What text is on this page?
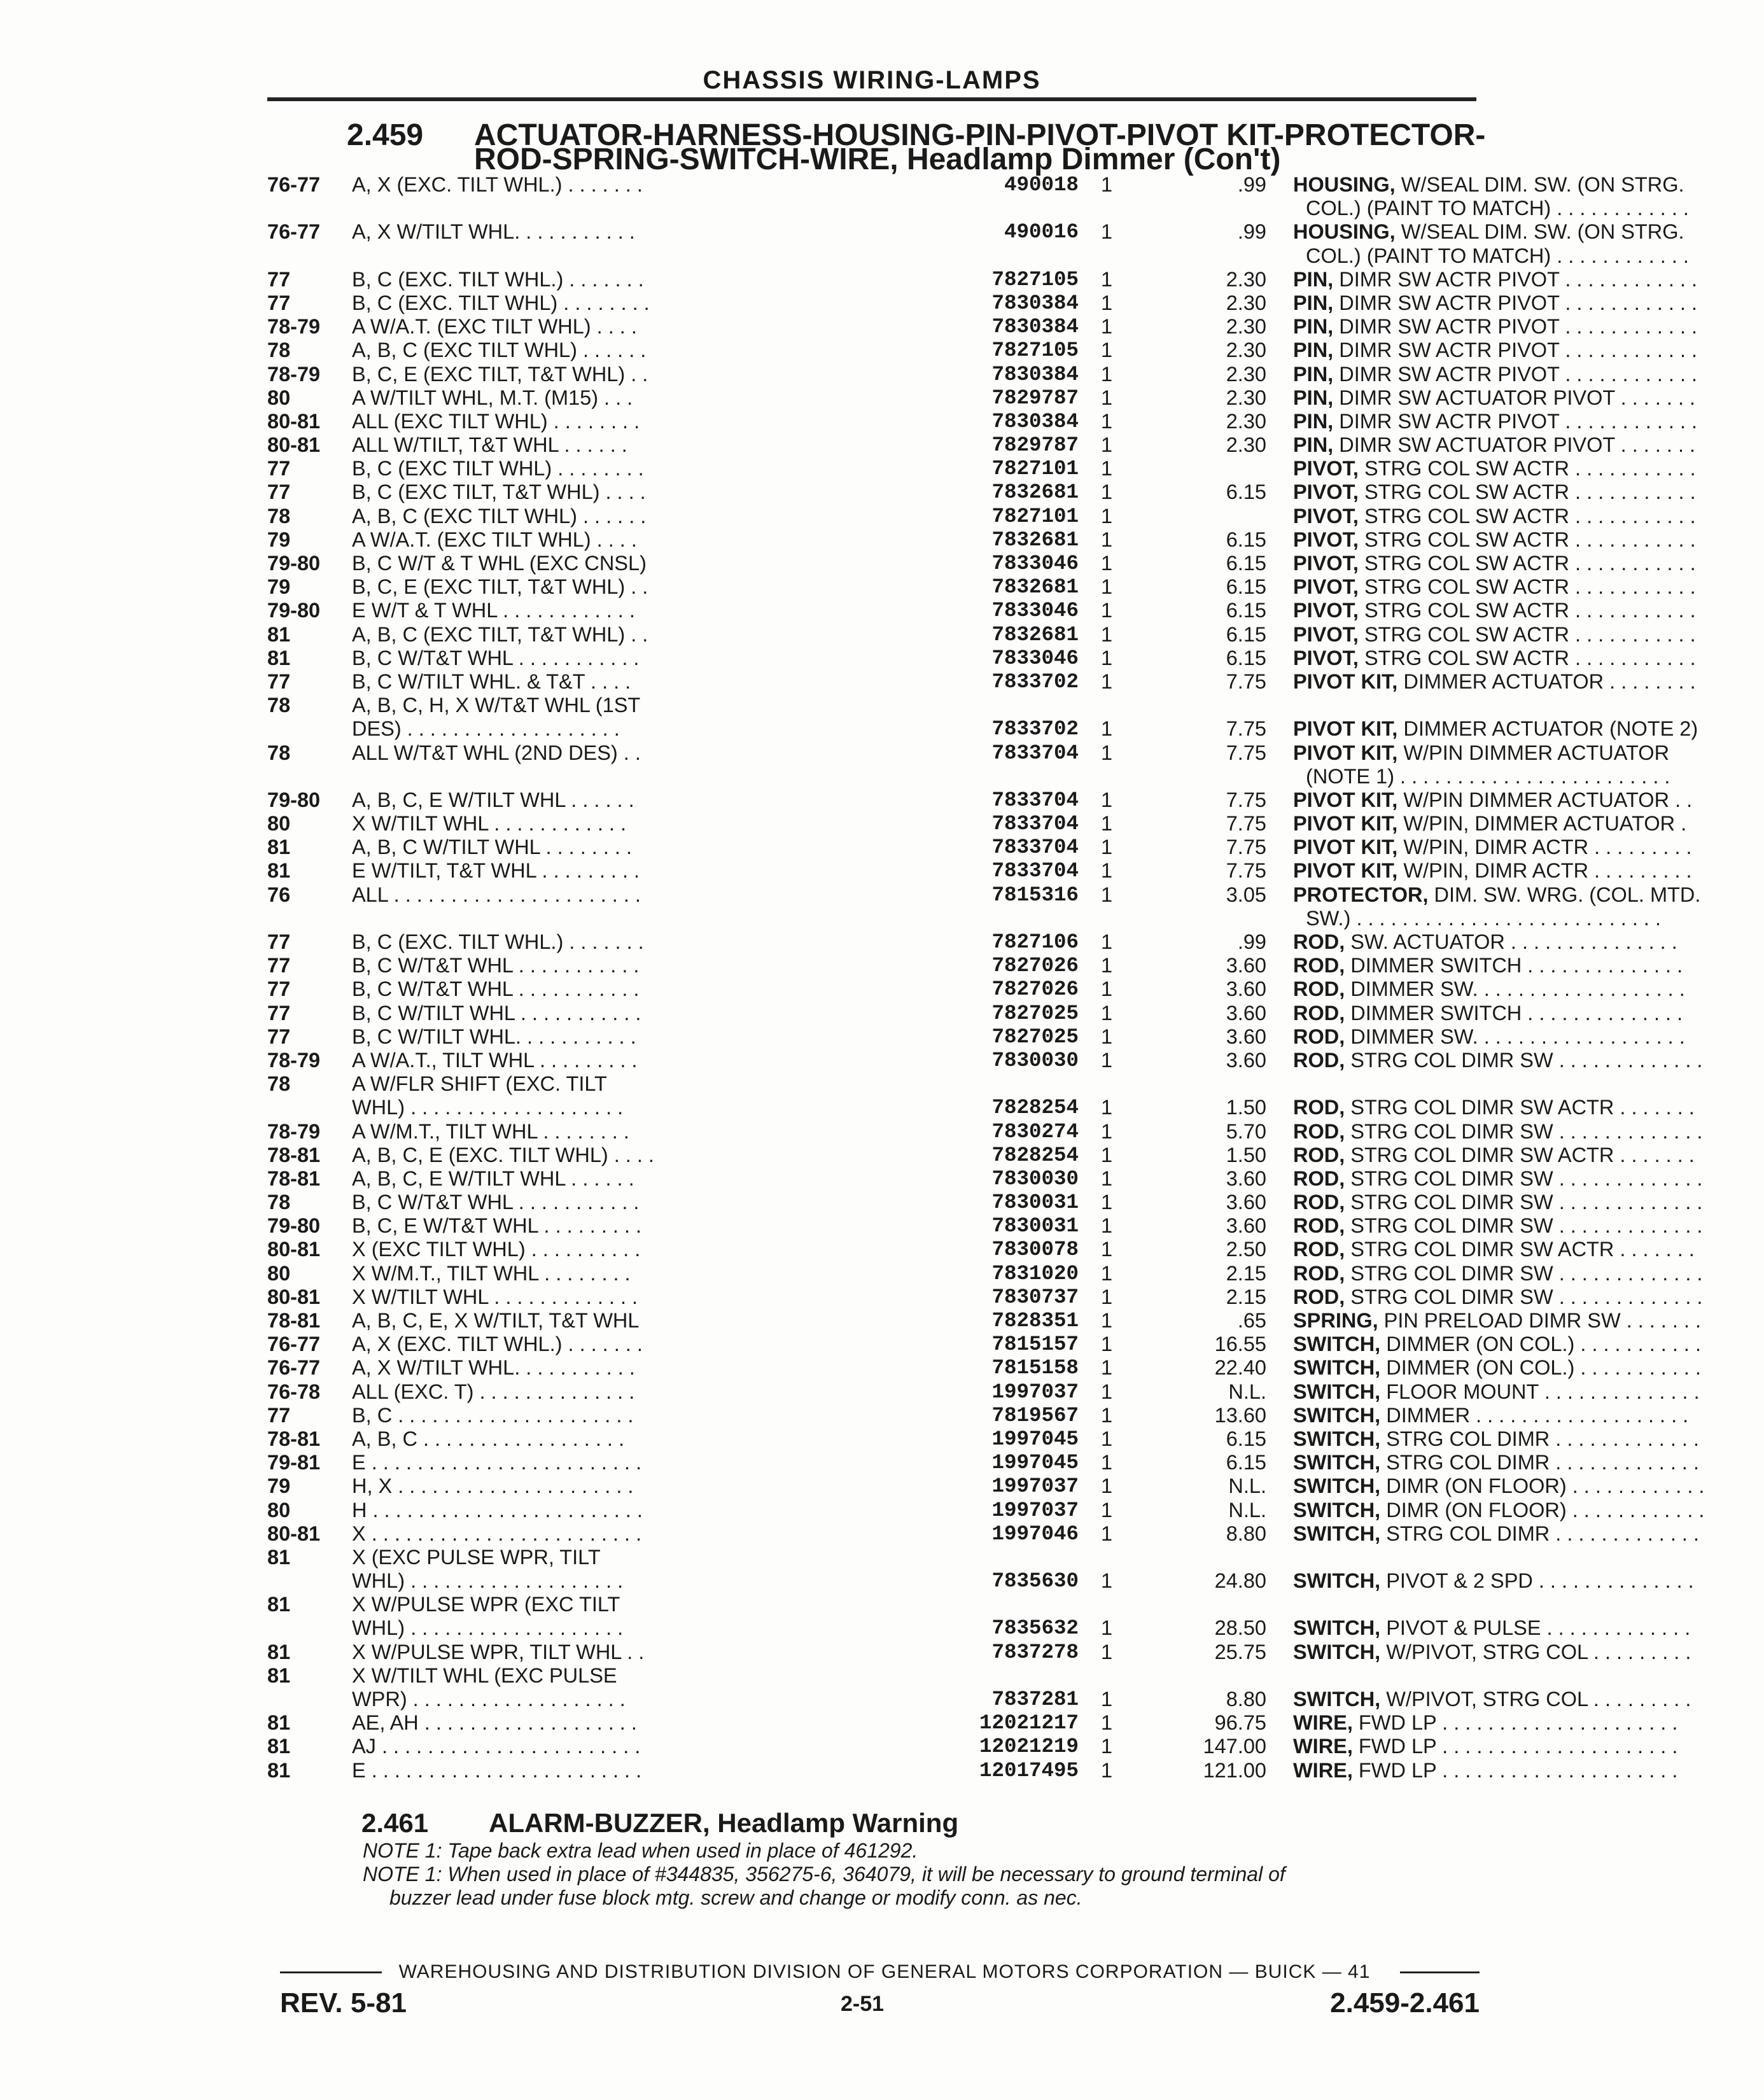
CHASSIS WIRING-LAMPS
2.459 ACTUATOR-HARNESS-HOUSING-PIN-PIVOT-PIVOT KIT-PROTECTOR-
ROD-SPRING-SWITCH-WIRE, Headlamp Dimmer (Con't)
76-77 A, X (EXC. TILT WHL.) . . . . . . .	490018 1	.99 HOUSING, W/SEAL DIM. SW. (ON STRG.
COL.) (PAINT TO MATCH) . . . . . . . . . . . .
76-77 A, X W/TILT WHL. . . . . . . . . . .	490016 1	.99 HOUSING, W/SEAL DIM. SW. (ON STRG.
COL.) (PAINT TO MATCH) . . . . . . . . . . . .
77	B, C (EXC. TILT WHL.) . . . . . . .	7827105 1	2.30 PIN, DIMR SW ACTR PIVOT . . . . . . . . . . . .
77	B, C (EXC. TILT WHL) . . . . . . . .	7830384 1	2.30 PIN, DIMR SW ACTR PIVOT . . . . . . . . . . . .
78-79 A W/A.T. (EXC TILT WHL) . . . .	7830384 1	2.30 PIN, DIMR SW ACTR PIVOT . . . . . . . . . . . .
78	A, B, C (EXC TILT WHL) . . . . . .	7827105 1	2.30 PIN, DIMR SW ACTR PIVOT . . . . . . . . . . . .
78-79 B, C, E (EXC TILT, T&T WHL) . .	7830384 1	2.30 PIN, DIMR SW ACTR PIVOT . . . . . . . . . . . .
80	A W/TILT WHL, M.T. (M15) . . .	7829787 1	2.30 PIN, DIMR SW ACTUATOR PIVOT . . . . . . .
80-81 ALL (EXC TILT WHL) . . . . . . . .	7830384 1	2.30 PIN, DIMR SW ACTR PIVOT . . . . . . . . . . . .
80-81 ALL W/TILT, T&T WHL . . . . . .	7829787 1	2.30 PIN, DIMR SW ACTUATOR PIVOT . . . . . . .
77	B, C (EXC TILT WHL) . . . . . . . .	7827101 1	PIVOT, STRG COL SW ACTR . . . . . . . . . . .
77	B, C (EXC TILT, T&T WHL) . . . .	7832681 1	6.15 PIVOT, STRG COL SW ACTR . . . . . . . . . . .
78	A, B, C (EXC TILT WHL) . . . . . .	7827101 1	PIVOT, STRG COL SW ACTR . . . . . . . . . . .
79	A W/A.T. (EXC TILT WHL) . . . .	7832681 1	6.15 PIVOT, STRG COL SW ACTR . . . . . . . . . . .
79-80 B, C W/T & T WHL (EXC CNSL)	7833046 1	6.15 PIVOT, STRG COL SW ACTR . . . . . . . . . . .
79	B, C, E (EXC TILT, T&T WHL) . .	7832681 1	6.15 PIVOT, STRG COL SW ACTR . . . . . . . . . . .
79-80 E W/T & T WHL . . . . . . . . . . . .	7833046 1	6.15 PIVOT, STRG COL SW ACTR . . . . . . . . . . .
81	A, B, C (EXC TILT, T&T WHL) . .	7832681 1	6.15 PIVOT, STRG COL SW ACTR . . . . . . . . . . .
81	B, C W/T&T WHL . . . . . . . . . . .	7833046 1	6.15 PIVOT, STRG COL SW ACTR . . . . . . . . . . .
77	B, C W/TILT WHL. & T&T . . . .	7833702 1	7.75 PIVOT KIT, DIMMER ACTUATOR . . . . . . . .
78	A, B, C, H, X W/T&T WHL (1ST
DES) . . . . . . . . . . . . . . . . . . .	7833702 1	7.75 PIVOT KIT, DIMMER ACTUATOR (NOTE 2)
78	ALL W/T&T WHL (2ND DES) . .	7833704 1	7.75 PIVOT KIT, W/PIN DIMMER ACTUATOR
(NOTE 1) . . . . . . . . . . . . . . . . . . . . . . . .
79-80 A, B, C, E W/TILT WHL . . . . . .	7833704 1	7.75 PIVOT KIT, W/PIN DIMMER ACTUATOR . .
80	X W/TILT WHL . . . . . . . . . . . .	7833704 1	7.75 PIVOT KIT, W/PIN, DIMMER ACTUATOR .
81	A, B, C W/TILT WHL . . . . . . . .	7833704 1	7.75 PIVOT KIT, W/PIN, DIMR ACTR . . . . . . . . .
81	E W/TILT, T&T WHL . . . . . . . . .	7833704 1	7.75 PIVOT KIT, W/PIN, DIMR ACTR . . . . . . . . .
76	ALL . . . . . . . . . . . . . . . . . . . . . .	7815316 1	3.05 PROTECTOR, DIM. SW. WRG. (COL. MTD.
SW.) . . . . . . . . . . . . . . . . . . . . . . . . . . .
77	B, C (EXC. TILT WHL.) . . . . . . .	7827106 1	.99 ROD, SW. ACTUATOR . . . . . . . . . . . . . . .
77	B, C W/T&T WHL . . . . . . . . . . .	7827026 1	3.60 ROD, DIMMER SWITCH . . . . . . . . . . . . . .
77	B, C W/T&T WHL . . . . . . . . . . .	7827026 1	3.60 ROD, DIMMER SW. . . . . . . . . . . . . . . . . . .
77	B, C W/TILT WHL . . . . . . . . . . .	7827025 1	3.60 ROD, DIMMER SWITCH . . . . . . . . . . . . . .
77	B, C W/TILT WHL. . . . . . . . . . .	7827025 1	3.60 ROD, DIMMER SW. . . . . . . . . . . . . . . . . . .
78-79 A W/A.T., TILT WHL . . . . . . . . .	7830030 1	3.60 ROD, STRG COL DIMR SW . . . . . . . . . . . . .
78	A W/FLR SHIFT (EXC. TILT
WHL) . . . . . . . . . . . . . . . . . . .	7828254 1	1.50 ROD, STRG COL DIMR SW ACTR . . . . . . .
78-79 A W/M.T., TILT WHL . . . . . . . .	7830274 1	5.70 ROD, STRG COL DIMR SW . . . . . . . . . . . . .
78-81 A, B, C, E (EXC. TILT WHL) . . . .	7828254 1	1.50 ROD, STRG COL DIMR SW ACTR . . . . . . .
78-81 A, B, C, E W/TILT WHL . . . . . .	7830030 1	3.60 ROD, STRG COL DIMR SW . . . . . . . . . . . . .
78	B, C W/T&T WHL . . . . . . . . . . .	7830031 1	3.60 ROD, STRG COL DIMR SW . . . . . . . . . . . . .
79-80 B, C, E W/T&T WHL . . . . . . . . .	7830031 1	3.60 ROD, STRG COL DIMR SW . . . . . . . . . . . . .
80-81 X (EXC TILT WHL) . . . . . . . . . .	7830078 1	2.50 ROD, STRG COL DIMR SW ACTR . . . . . . .
80	X W/M.T., TILT WHL . . . . . . . .	7831020 1	2.15 ROD, STRG COL DIMR SW . . . . . . . . . . . . .
80-81 X W/TILT WHL . . . . . . . . . . . . .	7830737 1	2.15 ROD, STRG COL DIMR SW . . . . . . . . . . . . .
78-81 A, B, C, E, X W/TILT, T&T WHL	7828351 1	.65 SPRING, PIN PRELOAD DIMR SW . . . . . . .
76-77 A, X (EXC. TILT WHL.) . . . . . . .	7815157 1	16.55 SWITCH, DIMMER (ON COL.) . . . . . . . . . . .
76-77 A, X W/TILT WHL. . . . . . . . . . .	7815158 1	22.40 SWITCH, DIMMER (ON COL.) . . . . . . . . . . .
76-78 ALL (EXC. T) . . . . . . . . . . . . . .	1997037 1	N.L. SWITCH, FLOOR MOUNT . . . . . . . . . . . . . .
77	B, C . . . . . . . . . . . . . . . . . . . . .	7819567 1	13.60 SWITCH, DIMMER . . . . . . . . . . . . . . . . . . .
78-81 A, B, C . . . . . . . . . . . . . . . . . .	1997045 1	6.15 SWITCH, STRG COL DIMR . . . . . . . . . . . . .
79-81 E . . . . . . . . . . . . . . . . . . . . . . . .	1997045 1	6.15 SWITCH, STRG COL DIMR . . . . . . . . . . . . .
79	H, X . . . . . . . . . . . . . . . . . . . . .	1997037 1	N.L. SWITCH, DIMR (ON FLOOR) . . . . . . . . . . . .
80	H . . . . . . . . . . . . . . . . . . . . . . . .	1997037 1	N.L. SWITCH, DIMR (ON FLOOR) . . . . . . . . . . . .
80-81 X . . . . . . . . . . . . . . . . . . . . . . . .	1997046 1	8.80 SWITCH, STRG COL DIMR . . . . . . . . . . . . .
81	X (EXC PULSE WPR, TILT
WHL) . . . . . . . . . . . . . . . . . . .	7835630 1	24.80 SWITCH, PIVOT & 2 SPD . . . . . . . . . . . . . .
81	X W/PULSE WPR (EXC TILT
WHL) . . . . . . . . . . . . . . . . . . .	7835632 1	28.50 SWITCH, PIVOT & PULSE . . . . . . . . . . . . .
81	X W/PULSE WPR, TILT WHL . .	7837278 1	25.75 SWITCH, W/PIVOT, STRG COL . . . . . . . . .
81	X W/TILT WHL (EXC PULSE
WPR) . . . . . . . . . . . . . . . . . . .	7837281 1	8.80 SWITCH, W/PIVOT, STRG COL . . . . . . . . .
81	AE, AH . . . . . . . . . . . . . . . . . . .	12021217 1	96.75 WIRE, FWD LP . . . . . . . . . . . . . . . . . . . . .
81	AJ . . . . . . . . . . . . . . . . . . . . . . .	12021219 1	147.00 WIRE, FWD LP . . . . . . . . . . . . . . . . . . . . .
81	E . . . . . . . . . . . . . . . . . . . . . . . .	12017495 1	121.00 WIRE, FWD LP . . . . . . . . . . . . . . . . . . . . .
2.461 ALARM-BUZZER, Headlamp Warning
NOTE 1: Tape back extra lead when used in place of 461292.
NOTE 1: When used in place of #344835, 356275-6, 364079, it will be necessary to ground terminal of
buzzer lead under fuse block mtg. screw and change or modify conn. as nec.
WAREHOUSING AND DISTRIBUTION DIVISION OF GENERAL MOTORS CORPORATION — BUICK — 41
REV. 5-81	2-51	2.459-2.461
